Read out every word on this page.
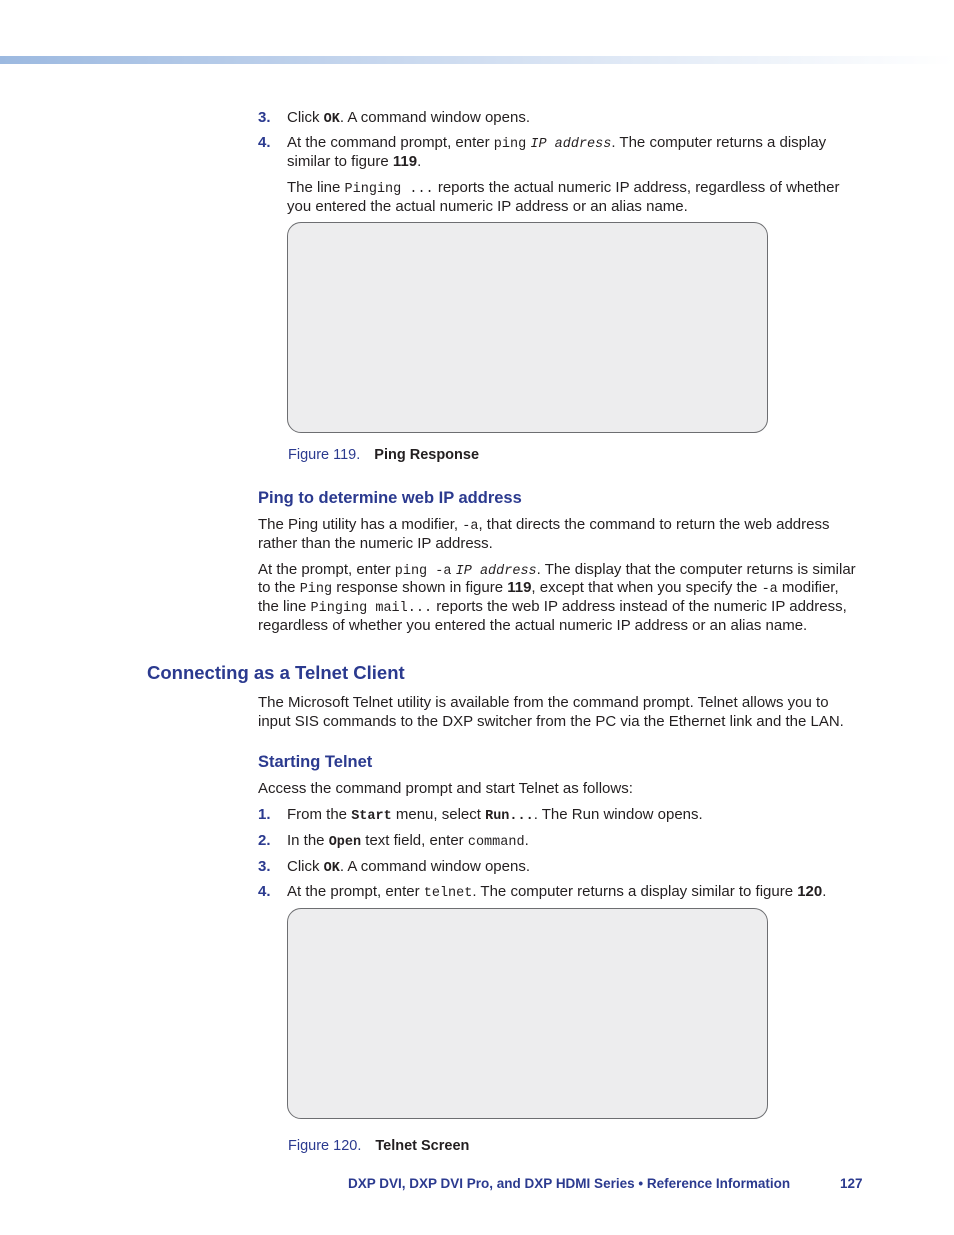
3. Click OK. A command window opens.
4. At the command prompt, enter ping IP address. The computer returns a display
similar to figure 119.
The line Pinging ... reports the actual numeric IP address, regardless of whether
you entered the actual numeric IP address or an alias name.
Figure 119. Ping Response
Ping to determine web IP address
The Ping utility has a modifier, -a, that directs the command to return the web address
rather than the numeric IP address.
At the prompt, enter ping -a IP address. The display that the computer returns is similar
to the Ping response shown in figure 119, except that when you specify the -a modifier,
the line Pinging mail... reports the web IP address instead of the numeric IP address,
regardless of whether you entered the actual numeric IP address or an alias name.
Connecting as a Telnet Client
The Microsoft Telnet utility is available from the command prompt. Telnet allows you to
input SIS commands to the DXP switcher from the PC via the Ethernet link and the LAN.
Starting Telnet
Access the command prompt and start Telnet as follows:
1. From the Start menu, select Run.... The Run window opens.
2. In the Open text field, enter command.
3. Click OK. A command window opens.
4. At the prompt, enter telnet. The computer returns a display similar to figure 120.
Figure 120. Telnet Screen
DXP DVI, DXP DVI Pro, and DXP HDMI Series • Reference Information	127
